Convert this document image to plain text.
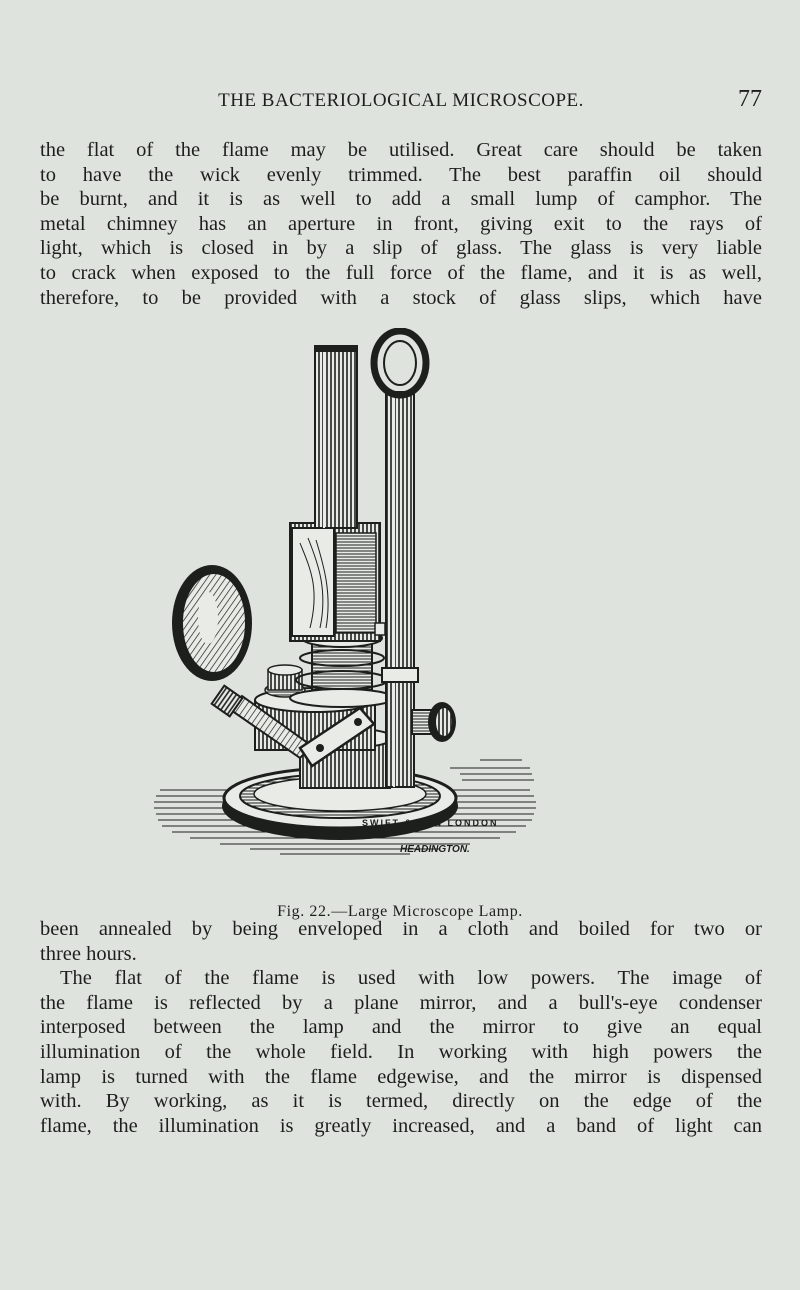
THE BACTERIOLOGICAL MICROSCOPE.	77
the flat of the flame may be utilised. Great care should be taken
to have the wick evenly trimmed. The best paraffin oil should
be burnt, and it is as well to add a small lump of camphor. The
metal chimney has an aperture in front, giving exit to the rays of
light, which is closed in by a slip of glass. The glass is very liable
to crack when exposed to the full force of the flame, and it is as well,
therefore, to be provided with a stock of glass slips, which have
SWIFT & SON LONDON
HEADINGTON.
Fig. 22.—Large Microscope Lamp.
been annealed by being enveloped in a cloth and boiled for two or
three hours.
The flat of the flame is used with low powers. The image of
the flame is reflected by a plane mirror, and a bull's-eye condenser
interposed between the lamp and the mirror to give an equal
illumination of the whole field. In working with high powers the
lamp is turned with the flame edgewise, and the mirror is dispensed
with. By working, as it is termed, directly on the edge of the
flame, the illumination is greatly increased, and a band of light can
